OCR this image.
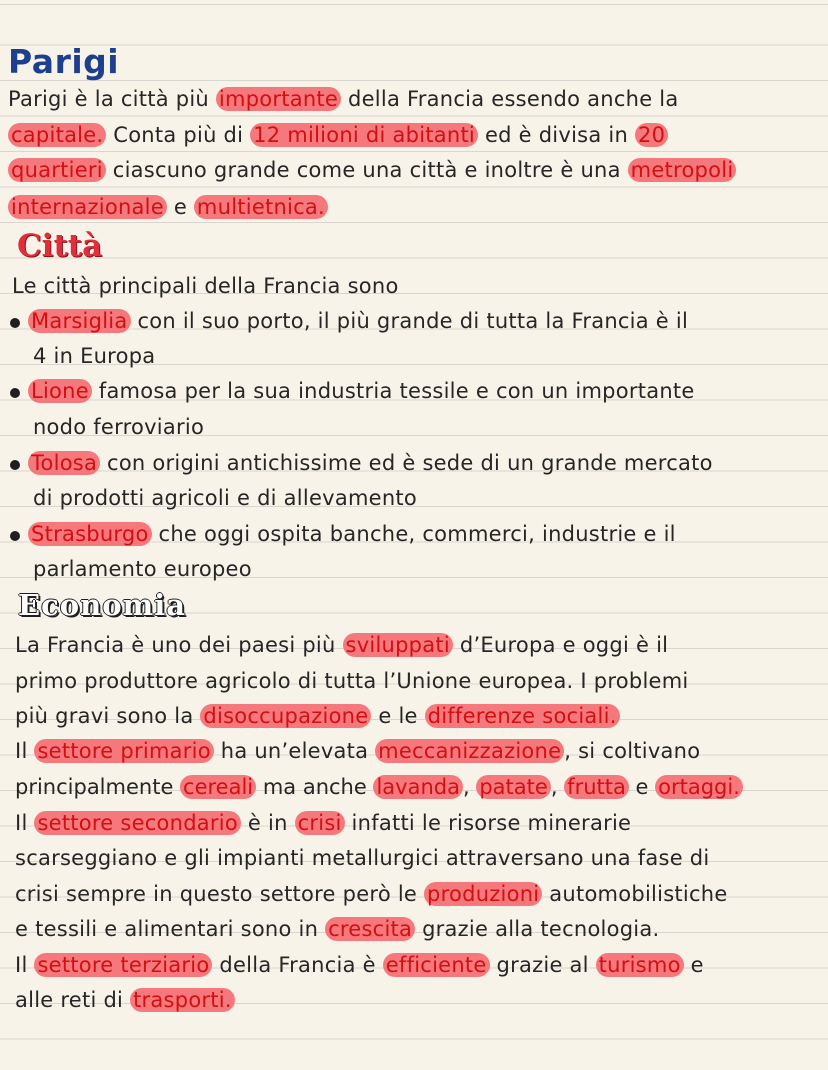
Parigi
Parigi è la città più importante della Francia essendo anche la
capitale. Conta più di 12 milioni di abitanti ed è divisa in 20
quartieri ciascuno grande come una città e inoltre è una metropoli
internazionale e multietnica.
Città
Le città principali della Francia sono
Marsiglia con il suo porto, il più grande di tutta la Francia è il
4 in Europa
Lione famosa per la sua industria tessile e con un importante
nodo ferroviario
Tolosa con origini antichissime ed è sede di un grande mercato
di prodotti agricoli e di allevamento
Strasburgo che oggi ospita banche, commerci, industrie e il
parlamento europeo
Economia
La Francia è uno dei paesi più sviluppati d’Europa e oggi è il
primo produttore agricolo di tutta l’Unione europea. I problemi
più gravi sono la disoccupazione e le differenze sociali.
Il settore primario ha un’elevata meccanizzazione , si coltivano
principalmente cereali ma anche lavanda , patate , frutta e ortaggi.
Il settore secondario è in crisi infatti le risorse minerarie
scarseggiano e gli impianti metallurgici attraversano una fase di
crisi sempre in questo settore però le produzioni automobilistiche
e tessili e alimentari sono in crescita grazie alla tecnologia.
Il settore terziario della Francia è efficiente grazie al turismo e
alle reti di trasporti.
